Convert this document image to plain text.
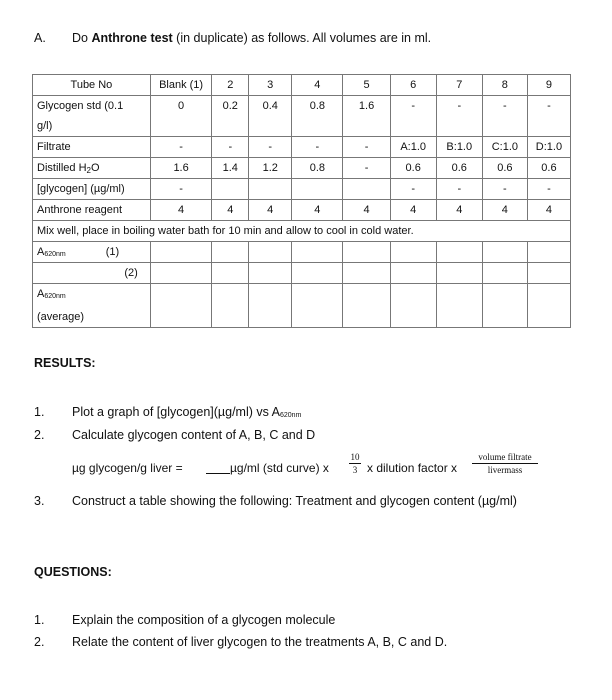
A. Do Anthrone test (in duplicate) as follows. All volumes are in ml.
Tube No	Blank (1)	2	3	4	5	6	7	8	9
Glycogen std (0.1
g/l)	0	0.2	0.4	0.8	1.6	-	-	-	-
Filtrate	-	-	-	-	-	A:1.0	B:1.0	C:1.0	D:1.0
Distilled $H_2O$	1.6	1.4	1.2	0.8	-	0.6	0.6	0.6	0.6
[glycogen] (µg/ml)	-					-	-	-	-
Anthrone reagent	4	4	4	4	4	4	4	4	4
Mix well, place in boiling water bath for 10 min and allow to cool in cold water.									
A620nm (1)									

(2)									
A620nm
(average)									
RESULTS:
1. Plot a graph of [glycogen](µg/ml) vs A620nm
2. Calculate glycogen content of A, B, C and D
µg glycogen/g liver =	µg/ml (std curve) x
10
3 x dilution factor x
volume filtrate
livermass
3. Construct a table showing the following: Treatment and glycogen content (µg/ml)
QUESTIONS:
1. Explain the composition of a glycogen molecule
2. Relate the content of liver glycogen to the treatments A, B, C and D.
